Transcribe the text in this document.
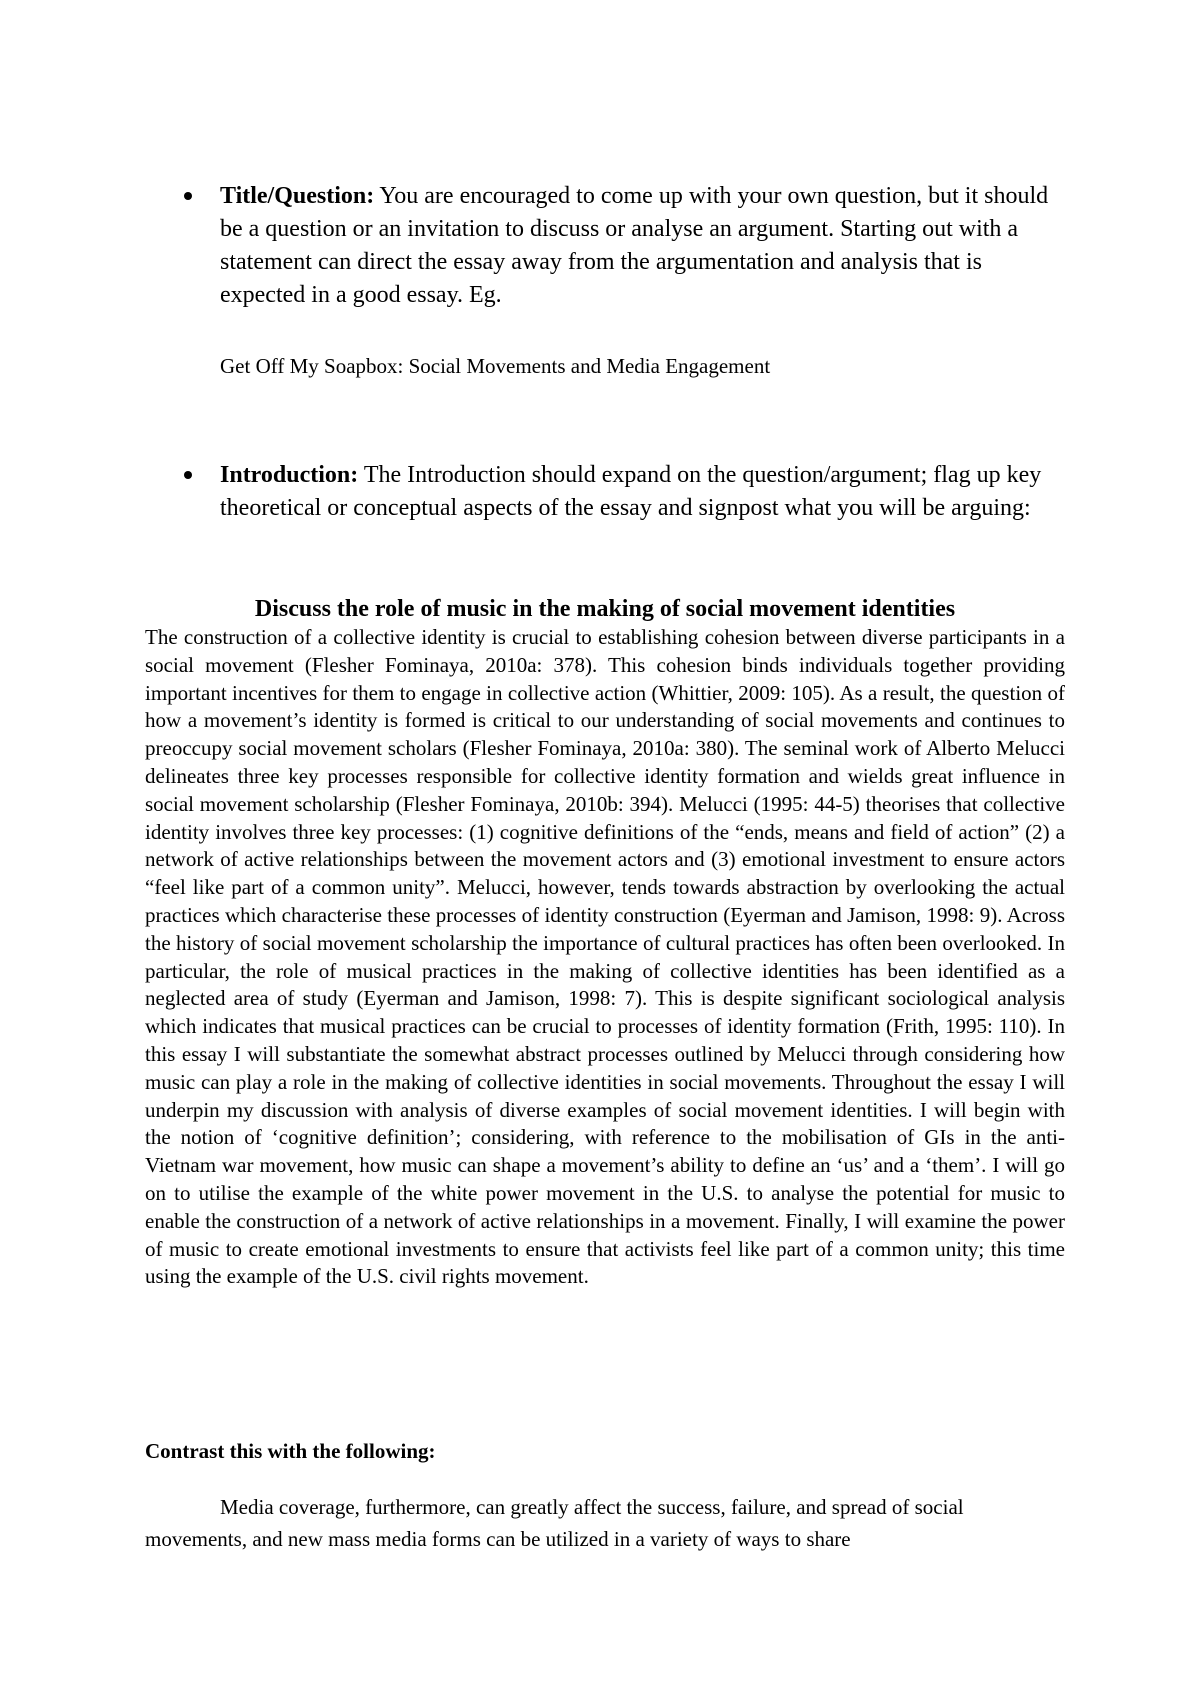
Title/Question: You are encouraged to come up with your own question, but it should be a question or an invitation to discuss or analyse an argument. Starting out with a statement can direct the essay away from the argumentation and analysis that is expected in a good essay. Eg.
Get Off My Soapbox: Social Movements and Media Engagement
Introduction: The Introduction should expand on the question/argument; flag up key theoretical or conceptual aspects of the essay and signpost what you will be arguing:
Discuss the role of music in the making of social movement identities

The construction of a collective identity is crucial to establishing cohesion between diverse participants in a social movement (Flesher Fominaya, 2010a: 378). This cohesion binds individuals together providing important incentives for them to engage in collective action (Whittier, 2009: 105). As a result, the question of how a movement’s identity is formed is critical to our understanding of social movements and continues to preoccupy social movement scholars (Flesher Fominaya, 2010a: 380). The seminal work of Alberto Melucci delineates three key processes responsible for collective identity formation and wields great influence in social movement scholarship (Flesher Fominaya, 2010b: 394). Melucci (1995: 44-5) theorises that collective identity involves three key processes: (1) cognitive definitions of the “ends, means and field of action” (2) a network of active relationships between the movement actors and (3) emotional investment to ensure actors “feel like part of a common unity”. Melucci, however, tends towards abstraction by overlooking the actual practices which characterise these processes of identity construction (Eyerman and Jamison, 1998: 9). Across the history of social movement scholarship the importance of cultural practices has often been overlooked. In particular, the role of musical practices in the making of collective identities has been identified as a neglected area of study (Eyerman and Jamison, 1998: 7). This is despite significant sociological analysis which indicates that musical practices can be crucial to processes of identity formation (Frith, 1995: 110). In this essay I will substantiate the somewhat abstract processes outlined by Melucci through considering how music can play a role in the making of collective identities in social movements. Throughout the essay I will underpin my discussion with analysis of diverse examples of social movement identities. I will begin with the notion of ‘cognitive definition’; considering, with reference to the mobilisation of GIs in the anti-Vietnam war movement, how music can shape a movement’s ability to define an ‘us’ and a ‘them’. I will go on to utilise the example of the white power movement in the U.S. to analyse the potential for music to enable the construction of a network of active relationships in a movement. Finally, I will examine the power of music to create emotional investments to ensure that activists feel like part of a common unity; this time using the example of the U.S. civil rights movement.

Contrast this with the following:

Media coverage, furthermore, can greatly affect the success, failure, and spread of social movements, and new mass media forms can be utilized in a variety of ways to share
